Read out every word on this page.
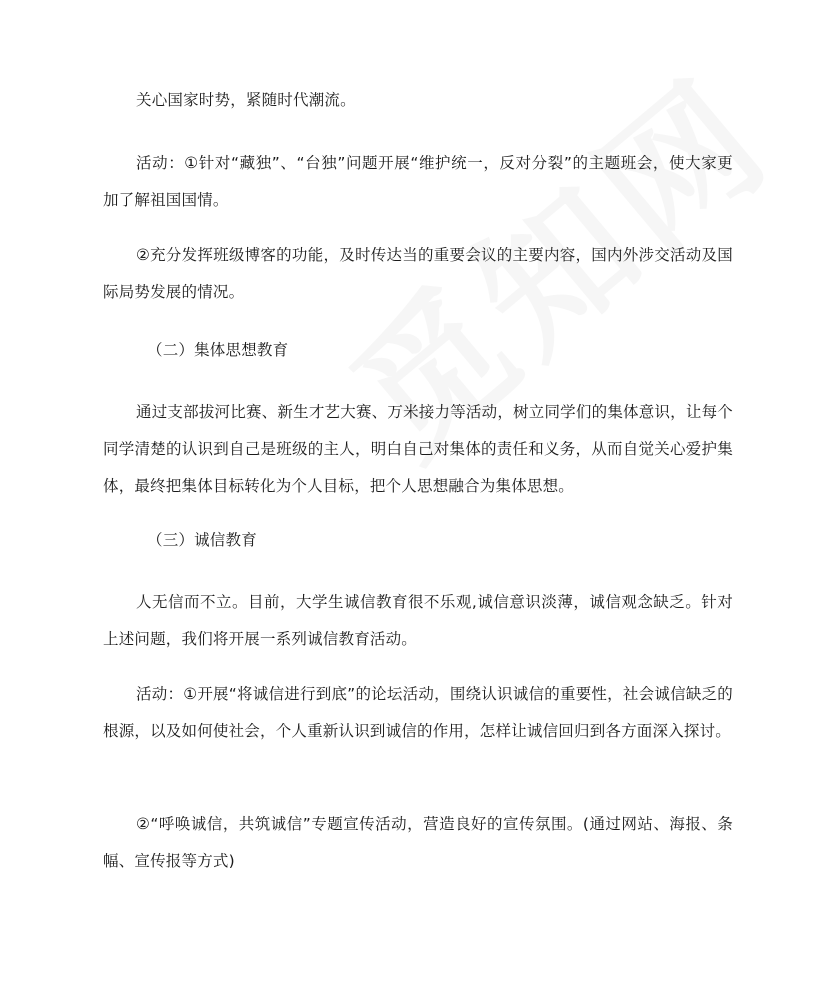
关心国家时势，紧随时代潮流。

活动：①针对“藏独”、“台独”问题开展“维护统一，反对分裂”的主题班会，使大家更加了解祖国国情。

②充分发挥班级博客的功能，及时传达当的重要会议的主要内容，国内外涉交活动及国际局势发展的情况。

（二）集体思想教育

通过支部拔河比赛、新生才艺大赛、万米接力等活动，树立同学们的集体意识，让每个同学清楚的认识到自己是班级的主人，明白自己对集体的责任和义务，从而自觉关心爱护集体，最终把集体目标转化为个人目标，把个人思想融合为集体思想。

（三）诚信教育

人无信而不立。目前，大学生诚信教育很不乐观,诚信意识淡薄，诚信观念缺乏。针对上述问题，我们将开展一系列诚信教育活动。

活动：①开展“将诚信进行到底”的论坛活动，围绕认识诚信的重要性，社会诚信缺乏的根源，以及如何使社会，个人重新认识到诚信的作用，怎样让诚信回归到各方面深入探讨。

②“呼唤诚信，共筑诚信”专题宣传活动，营造良好的宣传氛围。(通过网站、海报、条幅、宣传报等方式)
